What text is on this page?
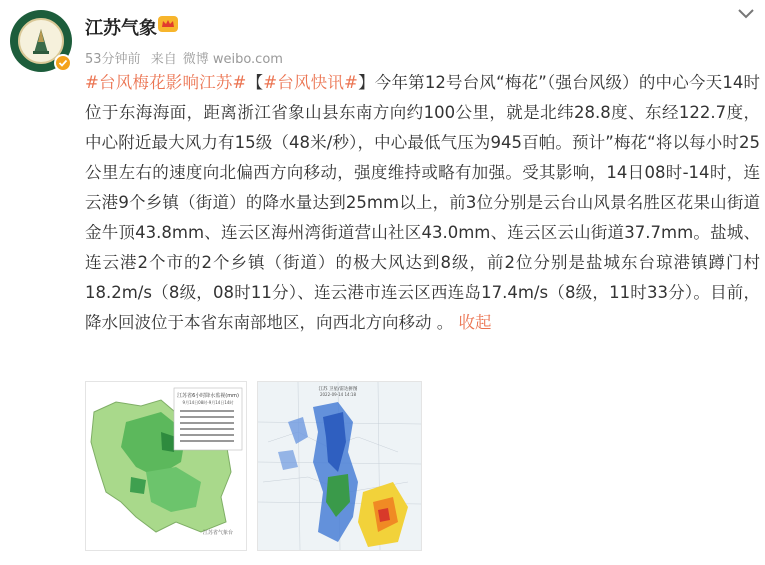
江苏气象
53分钟前 来自 微博 weibo.com
#台风梅花影响江苏#【#台风快讯#】今年第12号台风“梅花”（强台风级）的中心今天14时位于东海海面，距离浙江省象山县东南方向约100公里，就是北纬28.8度、东经122.7度，中心附近最大风力有15级（48米/秒），中心最低气压为945百帕。预计”梅花“将以每小时25公里左右的速度向北偏西方向移动，强度维持或略有加强。受其影响，14日08时-14时，连云港9个乡镇（街道）的降水量达到25mm以上，前3位分别是云台山风景名胜区花果山街道金牛顶43.8mm、连云区海州湾街道营山社区43.0mm、连云区云山街道37.7mm。盐城、连云港2个市的2个乡镇（街道）的极大风达到8级，前2位分别是盐城东台琼港镇蹲门村18.2m/s（8级，08时11分）、连云港市连云区西连岛17.4m/s（8级，11时33分）。目前，降水回波位于本省东南部地区，向西北方向移动 。 收起
江苏省6小时降水监视(mm)
9月14日08时-9月14日14时
江苏省气象台
江苏 卫星/雷达拼图
2022-09-14 14:18
